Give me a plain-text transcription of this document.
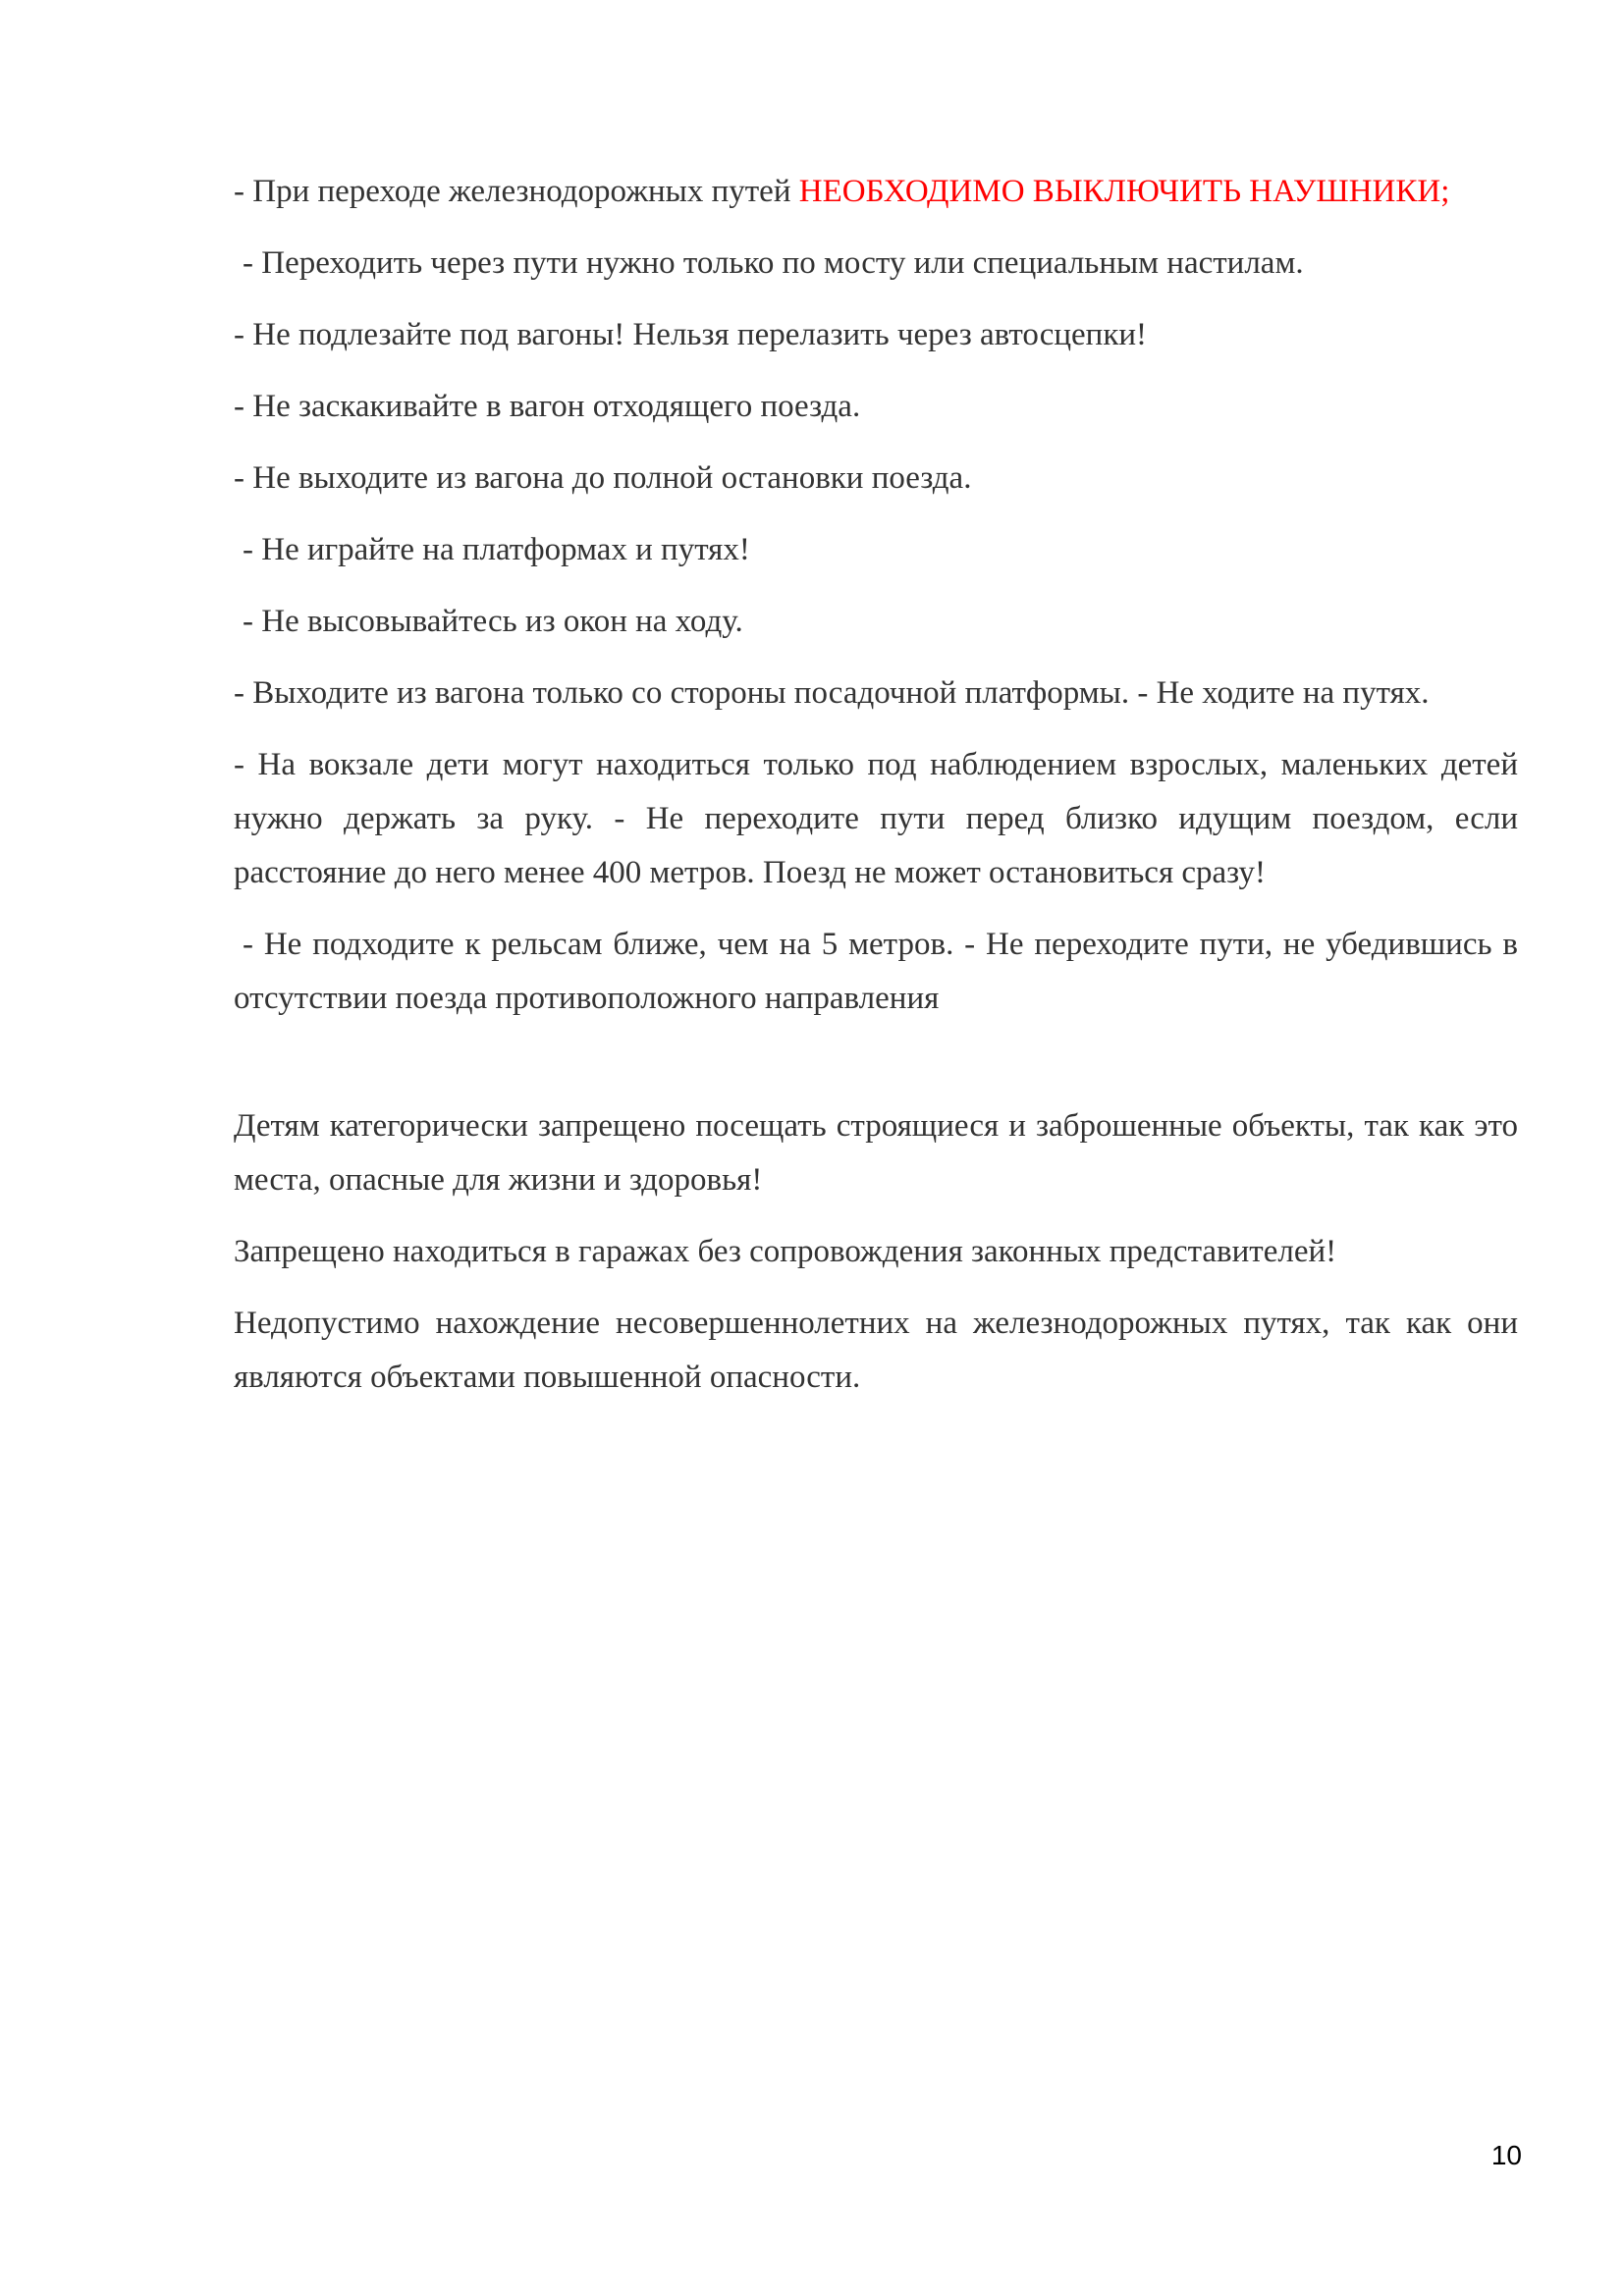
- При переходе железнодорожных путей НЕОБХОДИМО ВЫКЛЮЧИТЬ НАУШНИКИ;

- Переходить через пути нужно только по мосту или специальным настилам.

- Не подлезайте под вагоны! Нельзя перелазить через автосцепки!

- Не заскакивайте в вагон отходящего поезда.

- Не выходите из вагона до полной остановки поезда.

- Не играйте на платформах и путях!

- Не высовывайтесь из окон на ходу.

- Выходите из вагона только со стороны посадочной платформы. - Не ходите на путях.

- На вокзале дети могут находиться только под наблюдением взрослых, маленьких детей нужно держать за руку. - Не переходите пути перед близко идущим поездом, если расстояние до него менее 400 метров. Поезд не может остановиться сразу!

- Не подходите к рельсам ближе, чем на 5 метров. - Не переходите пути, не убедившись в отсутствии поезда противоположного направления

Детям категорически запрещено посещать строящиеся и заброшенные объекты, так как это места, опасные для жизни и здоровья!

Запрещено находиться в гаражах без сопровождения законных представителей!

Недопустимо нахождение несовершеннолетних на железнодорожных путях, так как они являются объектами повышенной опасности.

10
